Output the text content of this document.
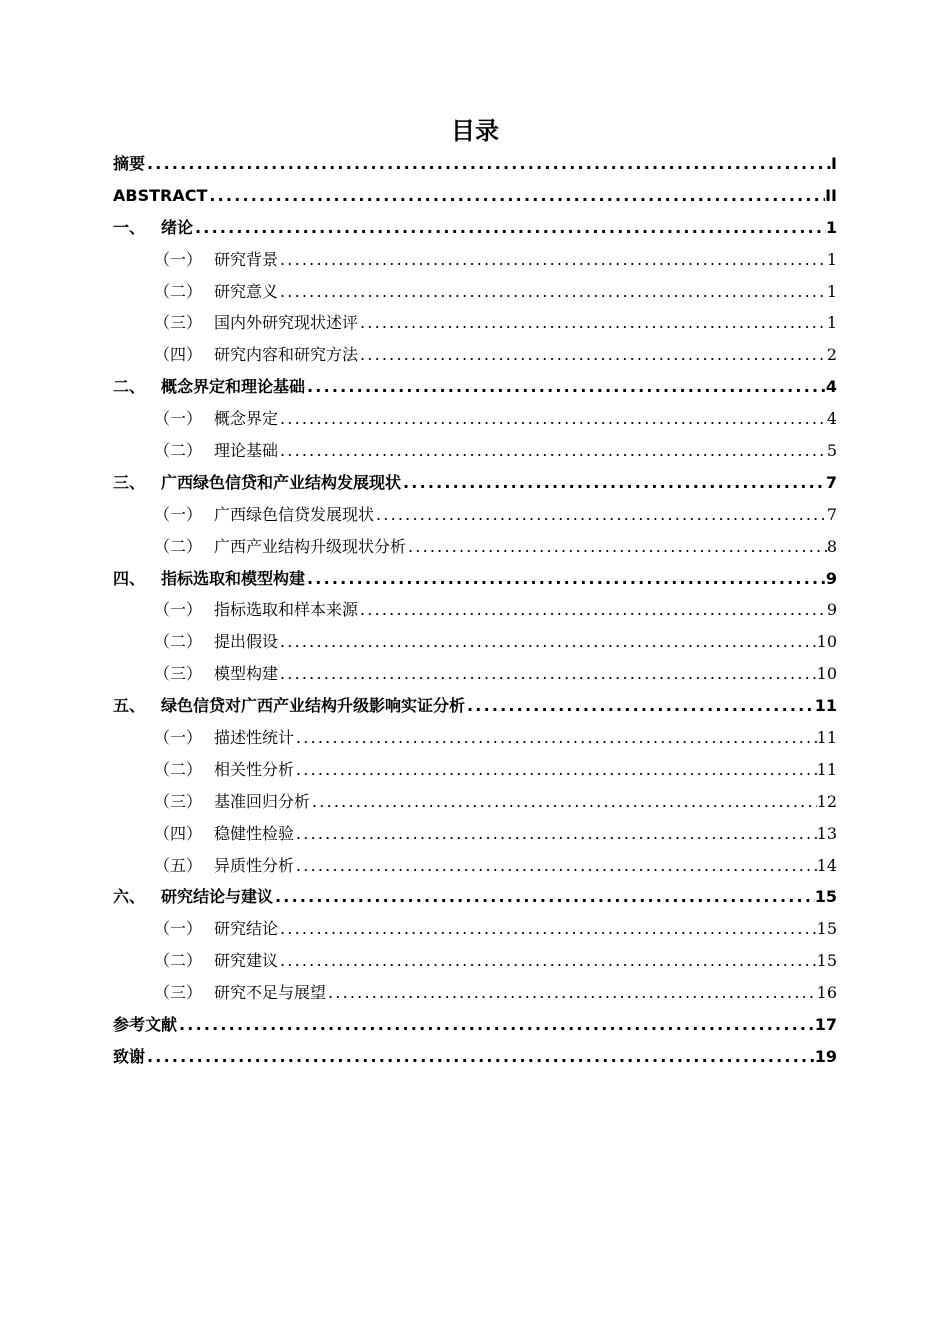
目录
摘要 .....	I
ABSTRACT .....	II
一、 绪论 .....	1
（一） 研究背景 .....	1
（二） 研究意义 .....	1
（三） 国内外研究现状述评 .....	1
（四） 研究内容和研究方法 .....	2
二、 概念界定和理论基础 .....	4
（一） 概念界定 .....	4
（二） 理论基础 .....	5
三、 广西绿色信贷和产业结构发展现状 .....	7
（一） 广西绿色信贷发展现状 .....	7
（二） 广西产业结构升级现状分析 .....	8
四、 指标选取和模型构建 .....	9
（一） 指标选取和样本来源 .....	9
（二） 提出假设 .....	10
（三） 模型构建 .....	10
五、 绿色信贷对广西产业结构升级影响实证分析 .....	11
（一） 描述性统计 .....	11
（二） 相关性分析 .....	11
（三） 基准回归分析 .....	12
（四） 稳健性检验 .....	13
（五） 异质性分析 .....	14
六、 研究结论与建议 .....	15
（一） 研究结论 .....	15
（二） 研究建议 .....	15
（三） 研究不足与展望 .....	16
参考文献 .....	17
致谢 .....	19
